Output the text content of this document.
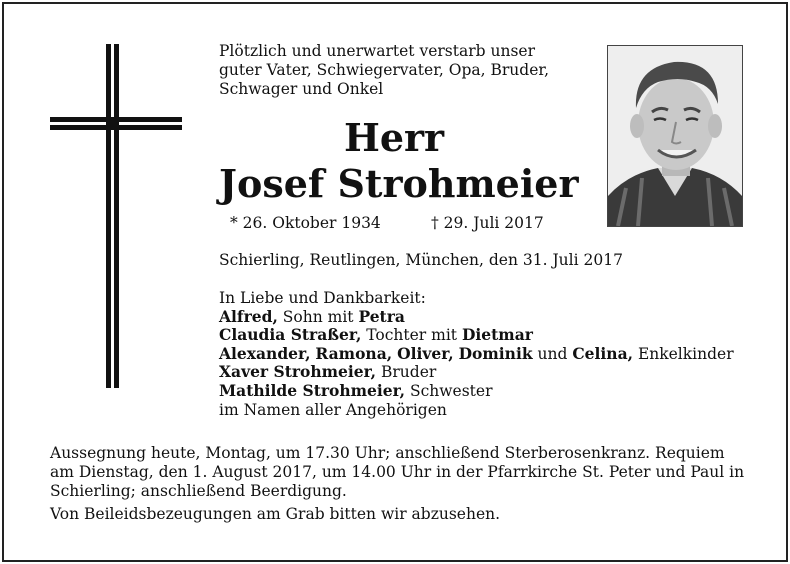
Plötzlich und unerwartet verstarb unser
guter Vater, Schwiegervater, Opa, Bruder,
Schwager und Onkel
Herr
Josef Strohmeier
* 26. Oktober 1934	† 29. Juli 2017
Schierling, Reutlingen, München, den 31. Juli 2017
In Liebe und Dankbarkeit:
Alfred, Sohn mit Petra
Claudia Straßer, Tochter mit Dietmar
Alexander, Ramona, Oliver, Dominik und Celina, Enkelkinder
Xaver Strohmeier, Bruder
Mathilde Strohmeier, Schwester
im Namen aller Angehörigen

Aussegnung heute, Montag, um 17.30 Uhr; anschließend Sterberosenkranz. Requiem am Dienstag, den 1. August 2017, um 14.00 Uhr in der Pfarrkirche St. Peter und Paul in Schierling; anschließend Beerdigung.

Von Beileidsbezeugungen am Grab bitten wir abzusehen.
